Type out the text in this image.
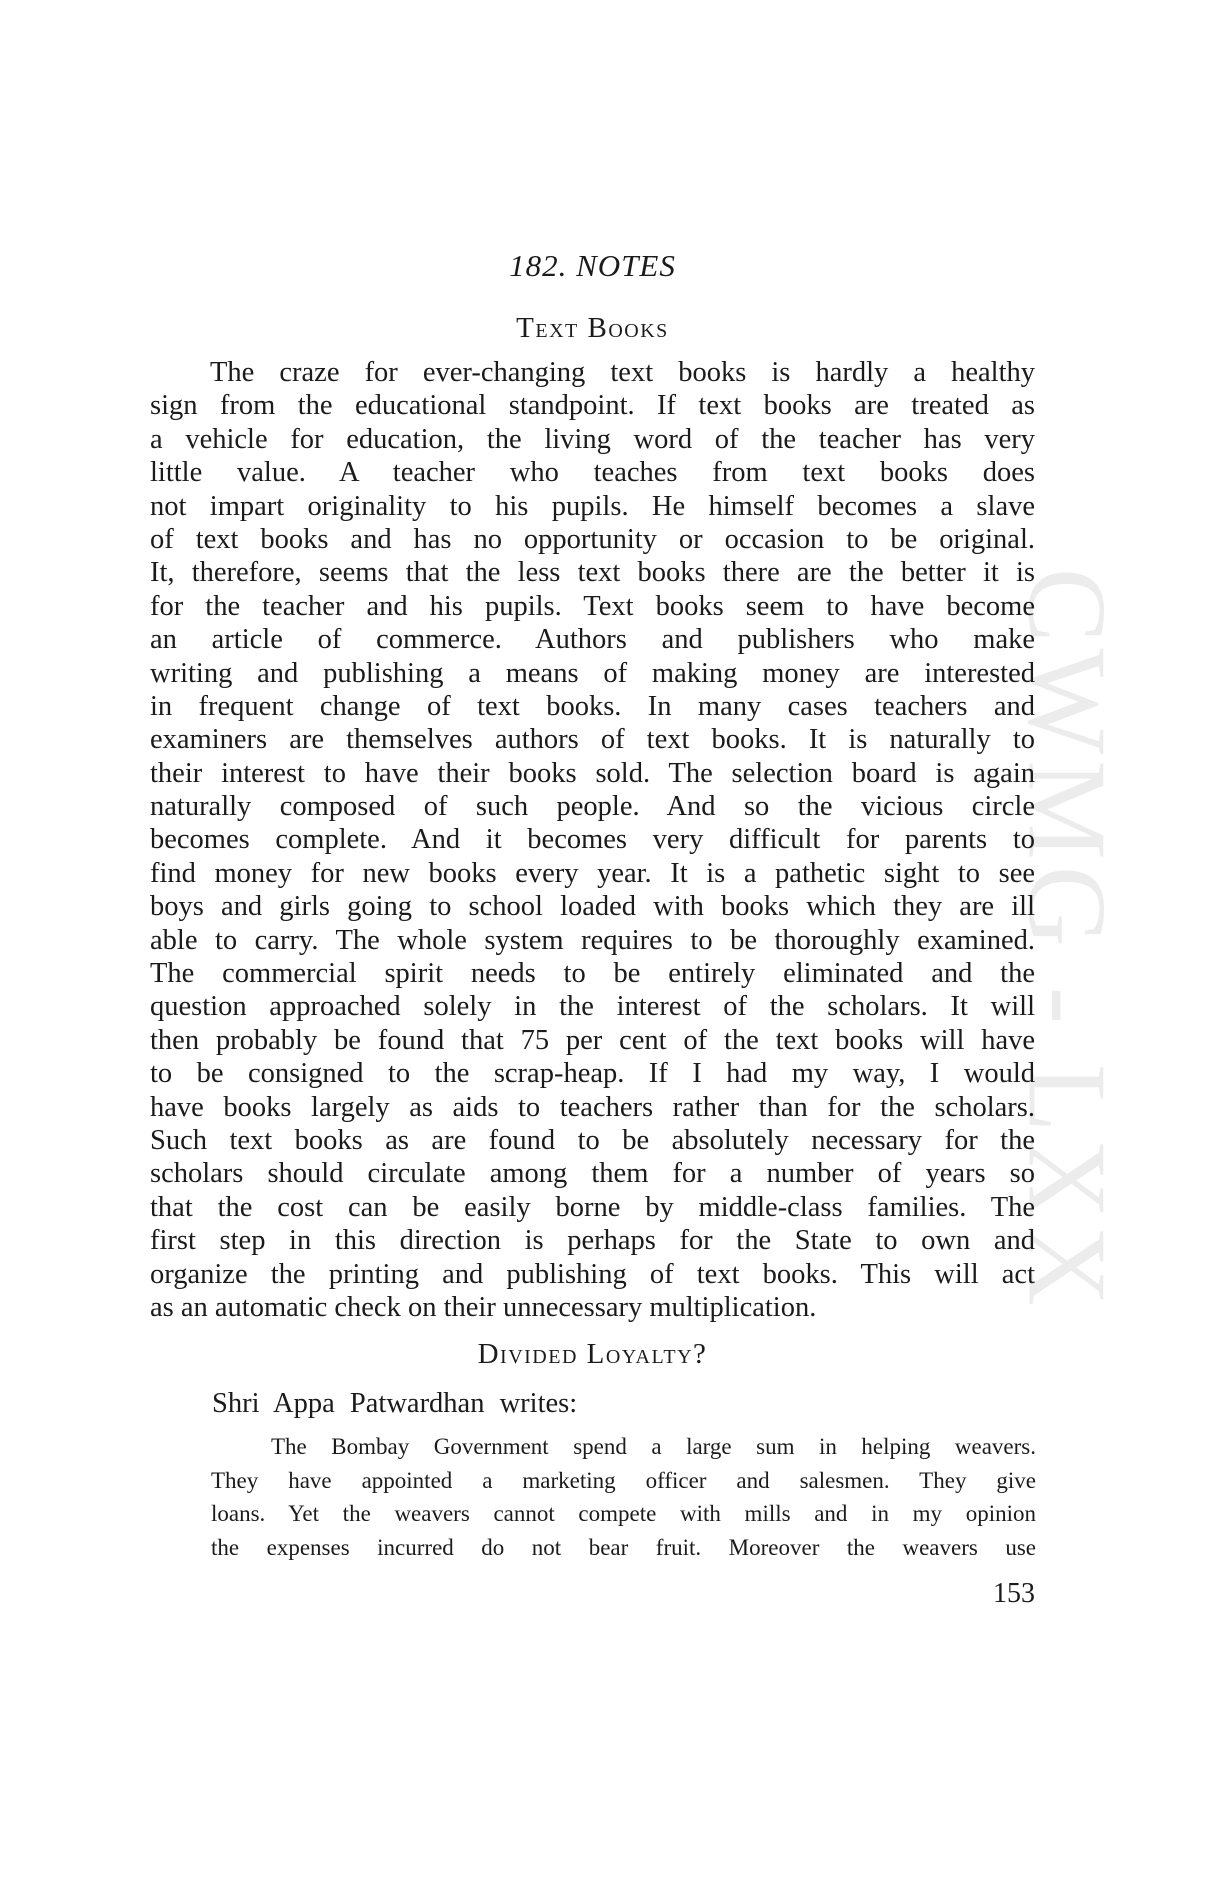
CWMG - LXX
182. NOTES
Text Books
The craze for ever-changing text books is hardly a healthy
sign from the educational standpoint. If text books are treated as
a vehicle for education, the living word of the teacher has very
little value. A teacher who teaches from text books does
not impart originality to his pupils. He himself becomes a slave
of text books and has no opportunity or occasion to be original.
It, therefore, seems that the less text books there are the better it is
for the teacher and his pupils. Text books seem to have become
an article of commerce. Authors and publishers who make
writing and publishing a means of making money are interested
in frequent change of text books. In many cases teachers and
examiners are themselves authors of text books. It is naturally to
their interest to have their books sold. The selection board is again
naturally composed of such people. And so the vicious circle
becomes complete. And it becomes very difficult for parents to
find money for new books every year. It is a pathetic sight to see
boys and girls going to school loaded with books which they are ill
able to carry. The whole system requires to be thoroughly examined.
The commercial spirit needs to be entirely eliminated and the
question approached solely in the interest of the scholars. It will
then probably be found that 75 per cent of the text books will have
to be consigned to the scrap-heap. If I had my way, I would
have books largely as aids to teachers rather than for the scholars.
Such text books as are found to be absolutely necessary for the
scholars should circulate among them for a number of years so
that the cost can be easily borne by middle-class families. The
first step in this direction is perhaps for the State to own and
organize the printing and publishing of text books. This will act
as an automatic check on their unnecessary multiplication.
Divided Loyalty?
Shri Appa Patwardhan writes:
The Bombay Government spend a large sum in helping weavers.
They have appointed a marketing officer and salesmen. They give
loans. Yet the weavers cannot compete with mills and in my opinion
the expenses incurred do not bear fruit. Moreover the weavers use
153
